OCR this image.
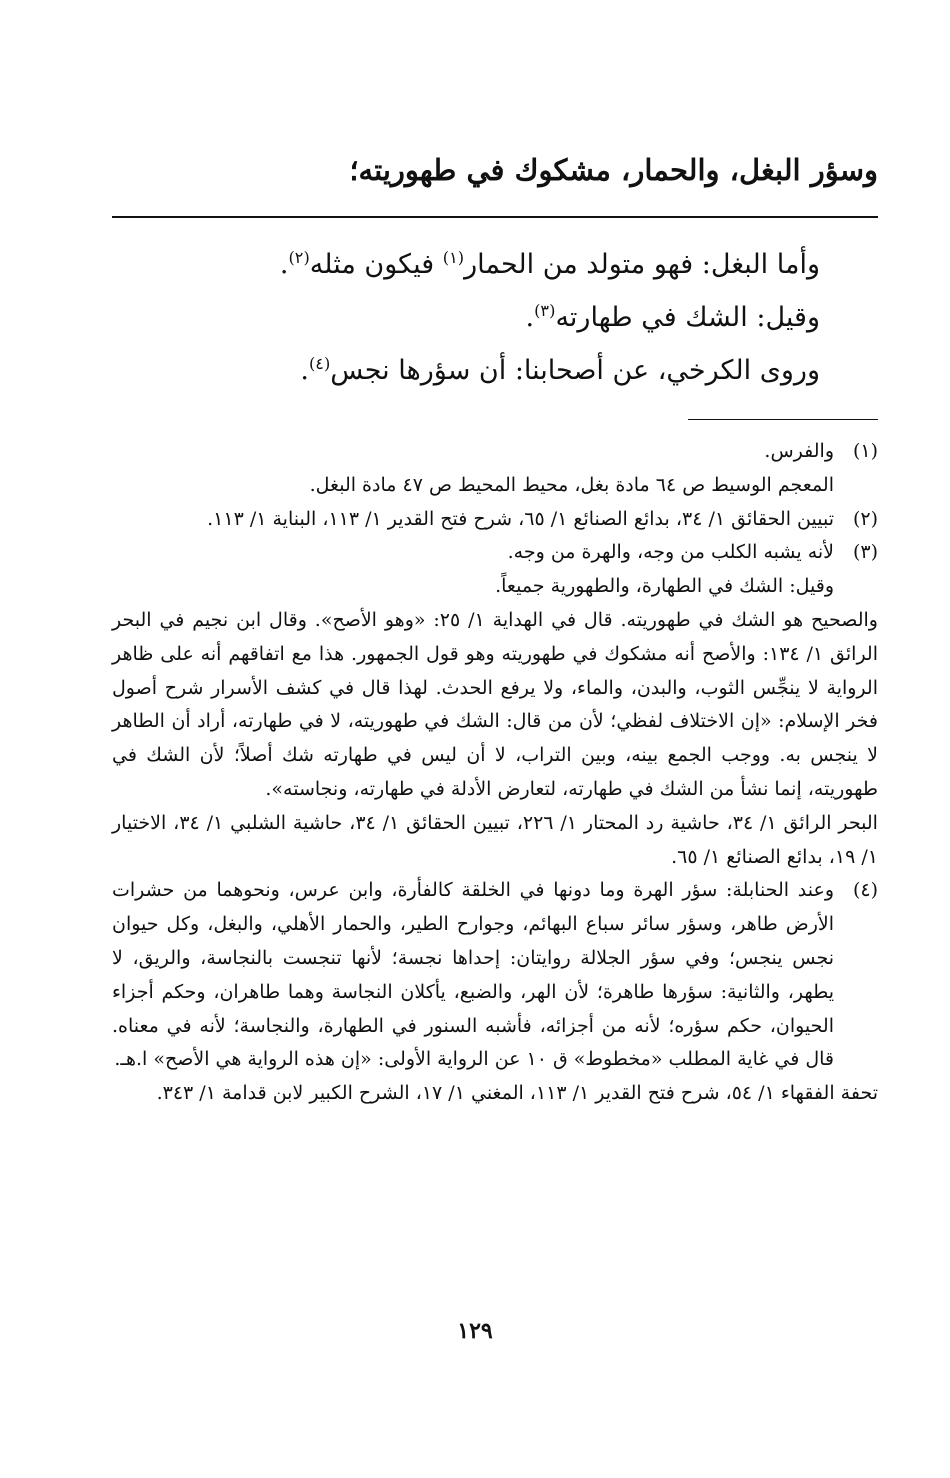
وسؤر البغل، والحمار، مشكوك في طهوريته؛

وأما البغل: فهو متولد من الحمار$^{(١)}$ فيكون مثله$^{(٢)}$.

وقيل: الشك في طهارته$^{(٣)}$.

وروى الكرخي، عن أصحابنا: أن سؤرها نجس$^{(٤)}$.

(١)

والفرس.

المعجم الوسيط ص ٦٤ مادة بغل، محيط المحيط ص ٤٧ مادة البغل.

(٢)

تبيين الحقائق ١/ ٣٤، بدائع الصنائع ١/ ٦٥، شرح فتح القدير ١/ ١١٣، البناية ١/ ١١٣.

(٣)

لأنه يشبه الكلب من وجه، والهرة من وجه.

وقيل: الشك في الطهارة، والطهورية جميعاً.

والصحيح هو الشك في طهوريته. قال في الهداية ١/ ٢٥: «وهو الأصح». وقال ابن نجيم في البحر الرائق ١/ ١٣٤: والأصح أنه مشكوك في طهوريته وهو قول الجمهور. هذا مع اتفاقهم أنه على ظاهر الرواية لا ينجِّس الثوب، والبدن، والماء، ولا يرفع الحدث. لهذا قال في كشف الأسرار شرح أصول فخر الإسلام: «إن الاختلاف لفظي؛ لأن من قال: الشك في طهوريته، لا في طهارته، أراد أن الطاهر لا ينجس به. ووجب الجمع بينه، وبين التراب، لا أن ليس في طهارته شك أصلاً؛ لأن الشك في طهوريته، إنما نشأ من الشك في طهارته، لتعارض الأدلة في طهارته، ونجاسته».

البحر الرائق ١/ ٣٤، حاشية رد المحتار ١/ ٢٢٦، تبيين الحقائق ١/ ٣٤، حاشية الشلبي ١/ ٣٤، الاختيار ١/ ١٩، بدائع الصنائع ١/ ٦٥.

(٤)

وعند الحنابلة: سؤر الهرة وما دونها في الخلقة كالفأرة، وابن عرس، ونحوهما من حشرات الأرض طاهر، وسؤر سائر سباع البهائم، وجوارح الطير، والحمار الأهلي، والبغل، وكل حيوان نجس ينجس؛ وفي سؤر الجلالة روايتان: إحداها نجسة؛ لأنها تنجست بالنجاسة، والريق، لا يطهر، والثانية: سؤرها طاهرة؛ لأن الهر، والضبع، يأكلان النجاسة وهما طاهران، وحكم أجزاء الحيوان، حكم سؤره؛ لأنه من أجزائه، فأشبه السنور في الطهارة، والنجاسة؛ لأنه في معناه. قال في غاية المطلب «مخطوط» ق ١٠ عن الرواية الأولى: «إن هذه الرواية هي الأصح» ا.هـ.

تحفة الفقهاء ١/ ٥٤، شرح فتح القدير ١/ ١١٣، المغني ١/ ١٧، الشرح الكبير لابن قدامة ١/ ٣٤٣.

١٢٩
